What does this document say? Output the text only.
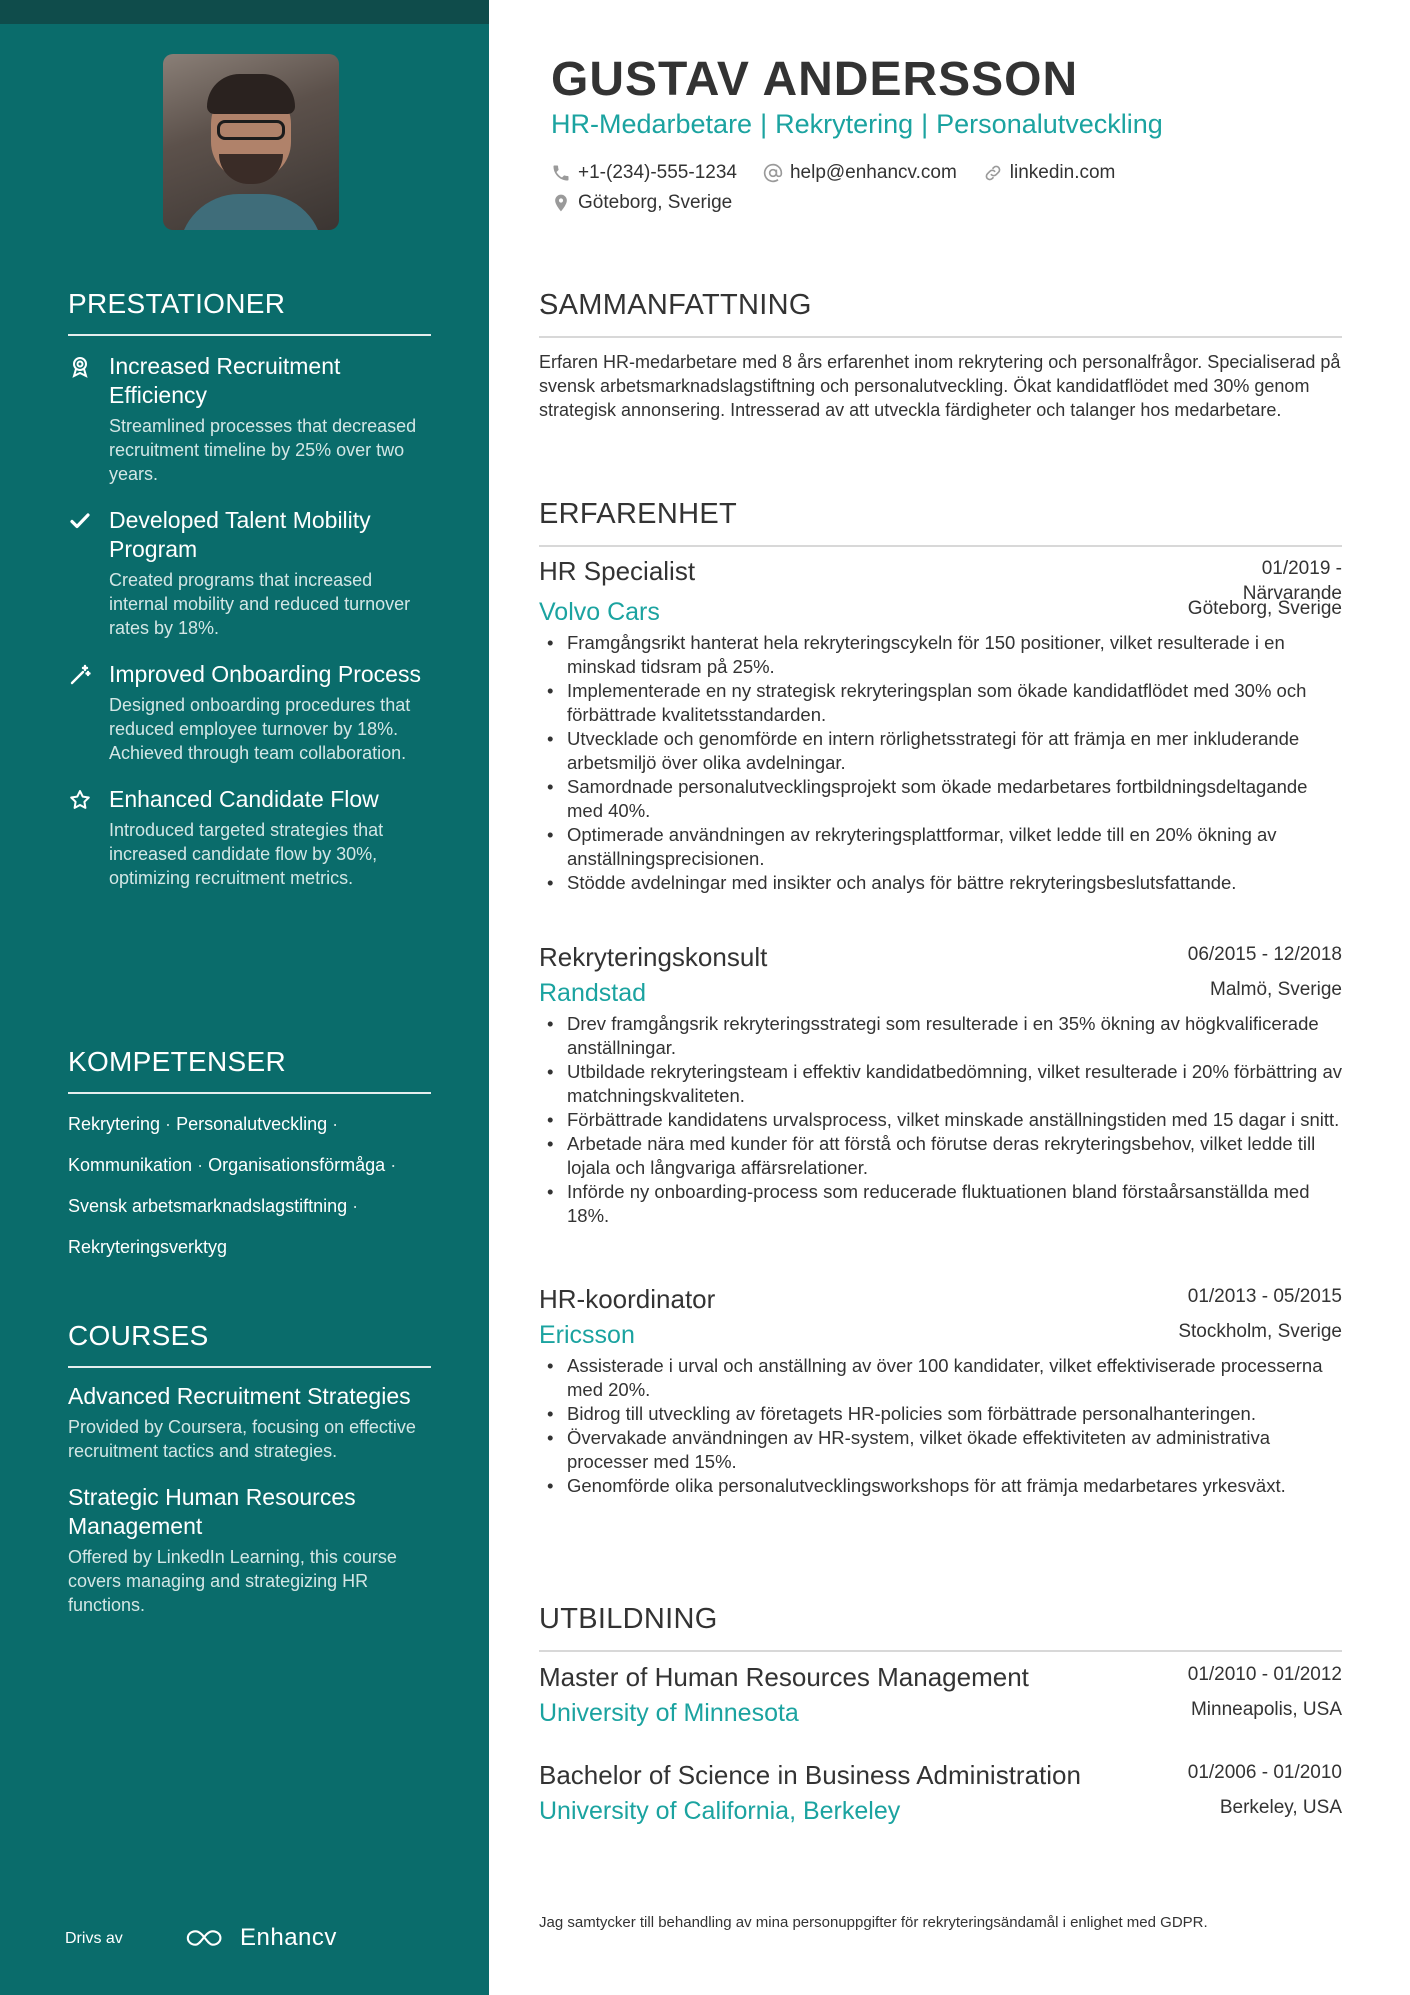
PRESTATIONER
Increased Recruitment Efficiency
Streamlined processes that decreased recruitment timeline by 25% over two years.
Developed Talent Mobility Program
Created programs that increased internal mobility and reduced turnover rates by 18%.
Improved Onboarding Process
Designed onboarding procedures that reduced employee turnover by 18%. Achieved through team collaboration.
Enhanced Candidate Flow
Introduced targeted strategies that increased candidate flow by 30%, optimizing recruitment metrics.
KOMPETENSER
Rekrytering · Personalutveckling ·
Kommunikation · Organisationsförmåga ·
Svensk arbetsmarknadslagstiftning ·
Rekryteringsverktyg
COURSES
Advanced Recruitment Strategies
Provided by Coursera, focusing on effective recruitment tactics and strategies.
Strategic Human Resources Management
Offered by LinkedIn Learning, this course covers managing and strategizing HR functions.
Drivs av	Enhancv
GUSTAV ANDERSSON
HR-Medarbetare | Rekrytering | Personalutveckling
+1-(234)-555-1234	help@enhancv.com	linkedin.com
Göteborg, Sverige
SAMMANFATTNING
Erfaren HR-medarbetare med 8 års erfarenhet inom rekrytering och personalfrågor. Specialiserad på svensk arbetsmarknadslagstiftning och personalutveckling. Ökat kandidatflödet med 30% genom strategisk annonsering. Intresserad av att utveckla färdigheter och talanger hos medarbetare.
ERFARENHET
HR Specialist	01/2019 -
Närvarande
Volvo Cars	Göteborg, Sverige
• Framgångsrikt hanterat hela rekryteringscykeln för 150 positioner, vilket resulterade i en minskad tidsram på 25%.
• Implementerade en ny strategisk rekryteringsplan som ökade kandidatflödet med 30% och förbättrade kvalitetsstandarden.
• Utvecklade och genomförde en intern rörlighetsstrategi för att främja en mer inkluderande arbetsmiljö över olika avdelningar.
• Samordnade personalutvecklingsprojekt som ökade medarbetares fortbildningsdeltagande med 40%.
• Optimerade användningen av rekryteringsplattformar, vilket ledde till en 20% ökning av anställningsprecisionen.
• Stödde avdelningar med insikter och analys för bättre rekryteringsbeslutsfattande.
Rekryteringskonsult	06/2015 - 12/2018
Randstad	Malmö, Sverige
• Drev framgångsrik rekryteringsstrategi som resulterade i en 35% ökning av högkvalificerade anställningar.
• Utbildade rekryteringsteam i effektiv kandidatbedömning, vilket resulterade i 20% förbättring av matchningskvaliteten.
• Förbättrade kandidatens urvalsprocess, vilket minskade anställningstiden med 15 dagar i snitt.
• Arbetade nära med kunder för att förstå och förutse deras rekryteringsbehov, vilket ledde till lojala och långvariga affärsrelationer.
• Införde ny onboarding-process som reducerade fluktuationen bland förstaårsanställda med 18%.
HR-koordinator	01/2013 - 05/2015
Ericsson	Stockholm, Sverige
• Assisterade i urval och anställning av över 100 kandidater, vilket effektiviserade processerna med 20%.
• Bidrog till utveckling av företagets HR-policies som förbättrade personalhanteringen.
• Övervakade användningen av HR-system, vilket ökade effektiviteten av administrativa processer med 15%.
• Genomförde olika personalutvecklingsworkshops för att främja medarbetares yrkesväxt.
UTBILDNING
Master of Human Resources Management	01/2010 - 01/2012
University of Minnesota	Minneapolis, USA
Bachelor of Science in Business Administration	01/2006 - 01/2010
University of California, Berkeley	Berkeley, USA
Jag samtycker till behandling av mina personuppgifter för rekryteringsändamål i enlighet med GDPR.
